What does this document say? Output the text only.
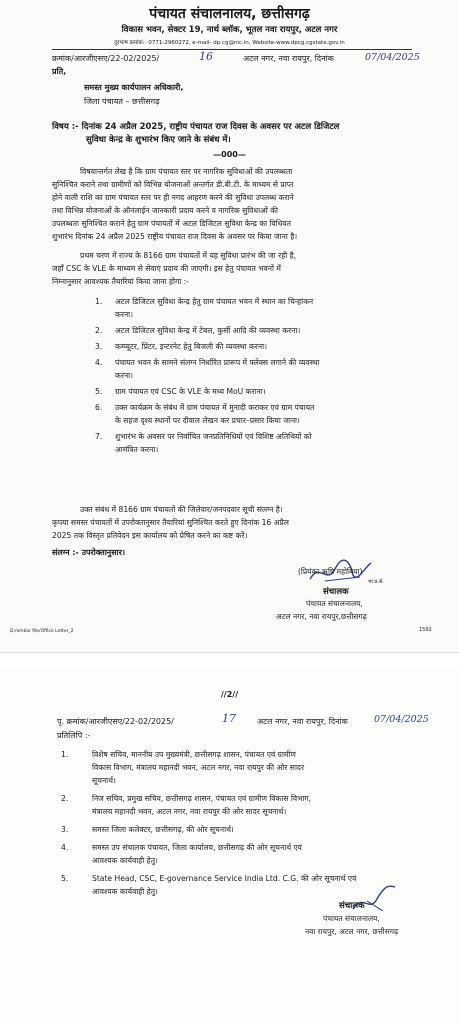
पंचायत संचालनालय, छत्तीसगढ़
विकास भवन, सेक्टर 19, नार्थ ब्लॉक, भूतल नवा रायपुर, अटल नगर
दूरभाष क्रमांक:- 0771-2960272, e-mail- dp.cg@nic.in, Website-www.dpcg.cgstate.gov.in
क्रमांक/आरजीएसए/22-02/2025/	16	अटल नगर, नवा रायपुर, दिनांक	07/04/2025
प्रति,
समस्त मुख्य कार्यपालन अधिकारी,
जिला पंचायत – छत्तीसगढ़
विषय :- दिनांक 24 अप्रैल 2025, राष्ट्रीय पंचायत राज दिवस के अवसर पर अटल डिजिटल
सुविधा केन्द्र के शुभारंभ किए जाने के संबंध में।
—000—
विषयान्तर्गत लेख है कि ग्राम पंचायत स्तर पर नागरिक सुविधाओं की उपलब्धता
सुनिश्चित कराने तथा ग्रामीणों को विभिन्न योजनाओं अन्तर्गत डी.बी.टी. के माध्यम से प्राप्त
होने वाली राशि का ग्राम पंचायत स्तर पर ही नगद आहरण करने की सुविधा उपलब्ध कराने
तथा विभिन्न योजनाओं के ऑनलाईन जानकारी प्रदाय करने व नागरिक सुविधाओं की
उपलब्धता सुनिश्चित कराने हेतु ग्राम पंचायतों में अटल डिजिटल सुविधा केन्द्र का विधिवत
शुभारंभ दिनांक 24 अप्रैल 2025 राष्ट्रीय पंचायत राज दिवस के अवसर पर किया जाना है।
प्रथम चरण में राज्य के 8166 ग्राम पंचायतों में यह सुविधा प्रारंभ की जा रही है,
जहॉं CSC के VLE के माध्यम से सेवाएं प्रदाय की जाएगी। इस हेतु पंचायत भवनों में
निम्नानुसार आवश्यक तैयारियां किया जाना होगा :-
1. अटल डिजिटल सुविधा केन्द्र हेतु ग्राम पंचायत भवन में स्थान का चिन्हांकन
करना।
2. अटल डिजिटल सुविधा केन्द्र में टेबल, कुर्सी आदि की व्यवस्था करना।
3. कम्प्यूटर, प्रिंटर, इन्टरनेट हेतु बिजली की व्यवस्था करना।
4. पंचायत भवन के सामने संलग्न निर्धारित प्रारूप में फ्लेक्स लगाने की व्यवस्था
करना।
5. ग्राम पंचायत एवं CSC के VLE के मध्य MoU कराना।
6. उक्त कार्यक्रम के संबंध में ग्राम पंचायत में मुनादी कराकर एवं ग्राम पंचायत
के सहज दृश्य स्थानों पर दीवाल लेखन कर प्रचार–प्रसार किया जाना।
7. शुभारंभ के अवसर पर निर्वाचित जनप्रतिनिधियों एवं विशिष्ट अतिथियों को
आमंत्रित करना।
उक्त संबंध में 8166 ग्राम पंचायतों की जिलेवार/जनपदवार सूची संलग्न है।
कृपया समस्त पंचायतों में उपरोक्तानुसार तैयारियां सुनिश्चित करते हुए दिनांक 16 अप्रैल
2025 तक विस्तृत प्रतिवेदन इस कार्यालय को प्रेषित करने का कष्ट करें।
संलग्न :- उपरोक्तानुसार।
(प्रियंका ऋषि महोबिया)
भा.प्र.से.
संचालक
पंचायत संचालनालय,
अटल नगर, नवा रायपुर,छत्तीसगढ़
D:/omkar file/Office Letter_2	1592
//2//
पृ. क्रमांक/आरजीएसए/22-02/2025/	17	अटल नगर, नवा रायपुर, दिनांक	07/04/2025
प्रतिलिपि :-
1.	विशेष सचिव, माननीय उप मुख्यमंत्री, छत्तीसगढ़ शासन, पंचायत एवं ग्रामीण
विकास विभाग, मंत्रालय महानदी भवन, अटल नगर, नवा रायपुर की ओर सादर
सूचनार्थ।
2.	निज सचिव, प्रमुख सचिव, छत्तीसगढ़ शासन, पंचायत एवं ग्रामीण विकास विभाग,
मंत्रालय महानदी भवन, अटल नगर, नवा रायपुर की ओर सादर सूचनार्थ।
3.	समस्त जिला कलेक्टर, छत्तीसगढ़, की ओर सूचनार्थ।
4.	समस्त उप संचालक पंचायत, जिला कार्यालय, छत्तीसगढ़ की ओर सूचनार्थ एवं
आवश्यक कार्यवाही हेतु।
5.	State Head, CSC, E-governance Service India Ltd. C.G. की ओर सूचनार्थ एवं
आवश्यक कार्यवाही हेतु।
संचालक
पंचायत संचालनालय,
नवा रायपुर, अटल नगर, छत्तीसगढ़
